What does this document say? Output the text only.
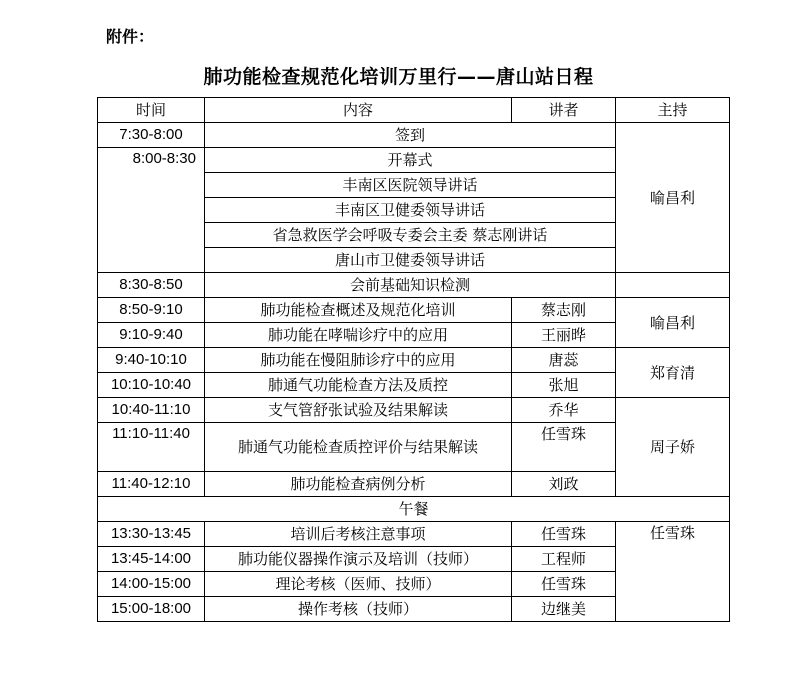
附件：
肺功能检查规范化培训万里行——唐山站日程
时间	内容	讲者	主持
7:30-8:00	签到		喻昌利
8:00-8:30	开幕式		
	丰南区医院领导讲话		
	丰南区卫健委领导讲话		
	省急救医学会呼吸专委会主委 蔡志刚讲话		
	唐山市卫健委领导讲话		
8:30-8:50	会前基础知识检测		
8:50-9:10	肺功能检查概述及规范化培训	蔡志刚	喻昌利
9:10-9:40	肺功能在哮喘诊疗中的应用	王丽晔	
9:40-10:10	肺功能在慢阻肺诊疗中的应用	唐蕊	郑育清
10:10-10:40	肺通气功能检查方法及质控	张旭	
10:40-11:10	支气管舒张试验及结果解读	乔华	周子娇
11:10-11:40	肺通气功能检查质控评价与结果解读	任雪珠	
11:40-12:10	肺功能检查病例分析	刘政	
午餐			
13:30-13:45	培训后考核注意事项	任雪珠	任雪珠
13:45-14:00	肺功能仪器操作演示及培训（技师）	工程师	
14:00-15:00	理论考核（医师、技师）	任雪珠	
15:00-18:00	操作考核（技师）	边继美	
